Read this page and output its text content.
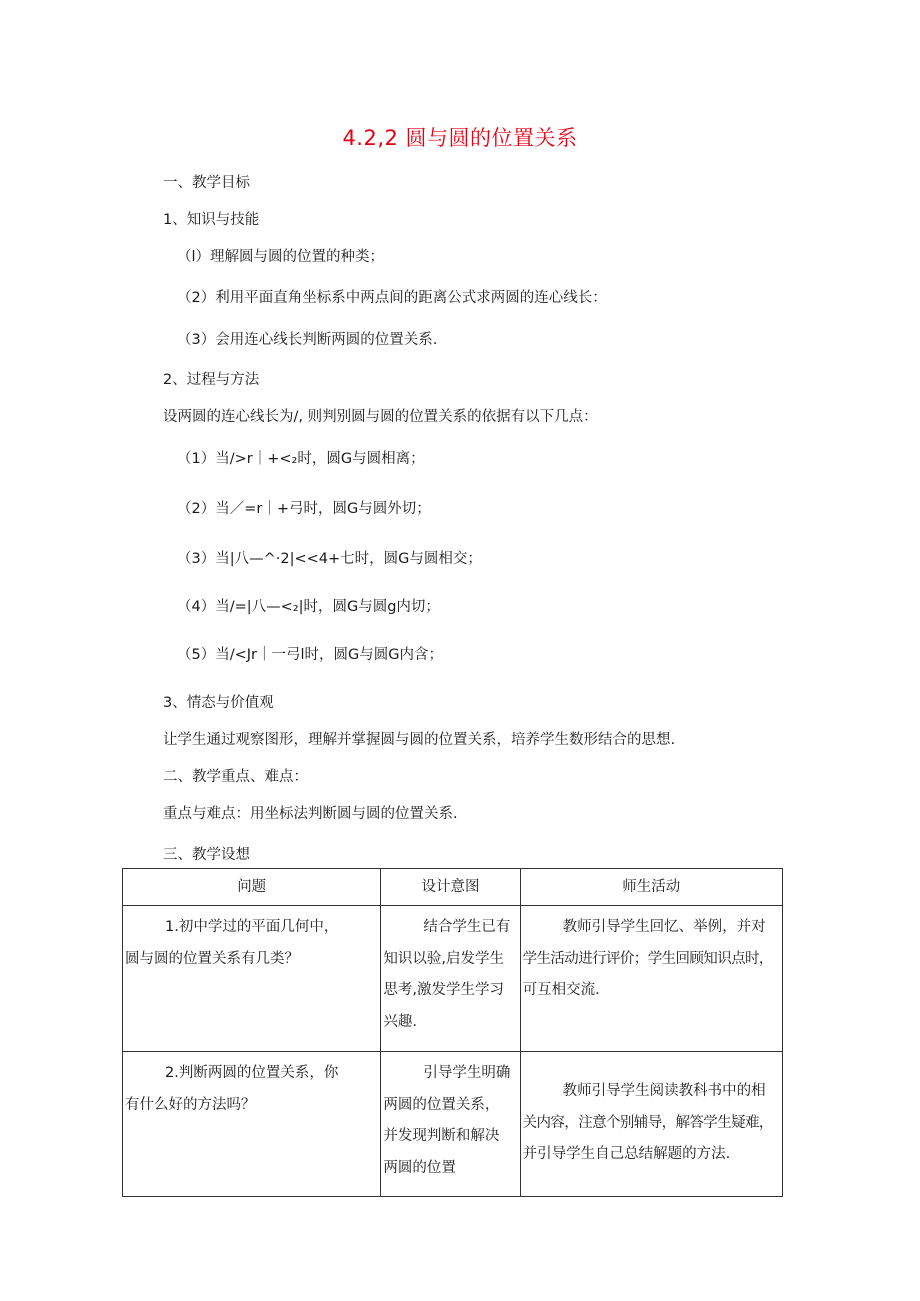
4.2,2 圆与圆的位置关系
一、教学目标
1、知识与技能
（l）理解圆与圆的位置的种类；
（2）利用平面直角坐标系中两点间的距离公式求两圆的连心线长：
（3）会用连心线长判断两圆的位置关系.
2、过程与方法
设两圆的连心线长为/, 则判别圆与圆的位置关系的依据有以下几点：
（1）当/>r｜+<₂时，圆G与圆相离；
（2）当／=r｜+弓时，圆G与圆外切；
（3）当|八—^·2|<<4+七时，圆G与圆相交；
（4）当/=|八—<₂|时，圆G与圆g内切；
（5）当/<Jr｜一弓l时，圆G与圆G内含；
3、情态与价值观
让学生通过观察图形，理解并掌握圆与圆的位置关系，培养学生数形结合的思想.
二、教学重点、难点：
重点与难点：用坐标法判断圆与圆的位置关系.
三、教学设想
问题	设计意图	师生活动

1.初中学过的平面几何中，
圆与圆的位置关系有几类？	结合学生已有
知识以验,启发学生
思考,激发学生学习
兴趣.	教师引导学生回忆、举例，并对
学生活动进行评价；学生回顾知识点时，
可互相交流.

2.判断两圆的位置关系，你
有什么好的方法吗？	引导学生明确
两圆的位置关系，
并发现判断和解决
两圆的位置	教师引导学生阅读教科书中的相
关内容，注意个别辅导，解答学生疑难，
并引导学生自己总结解题的方法.
